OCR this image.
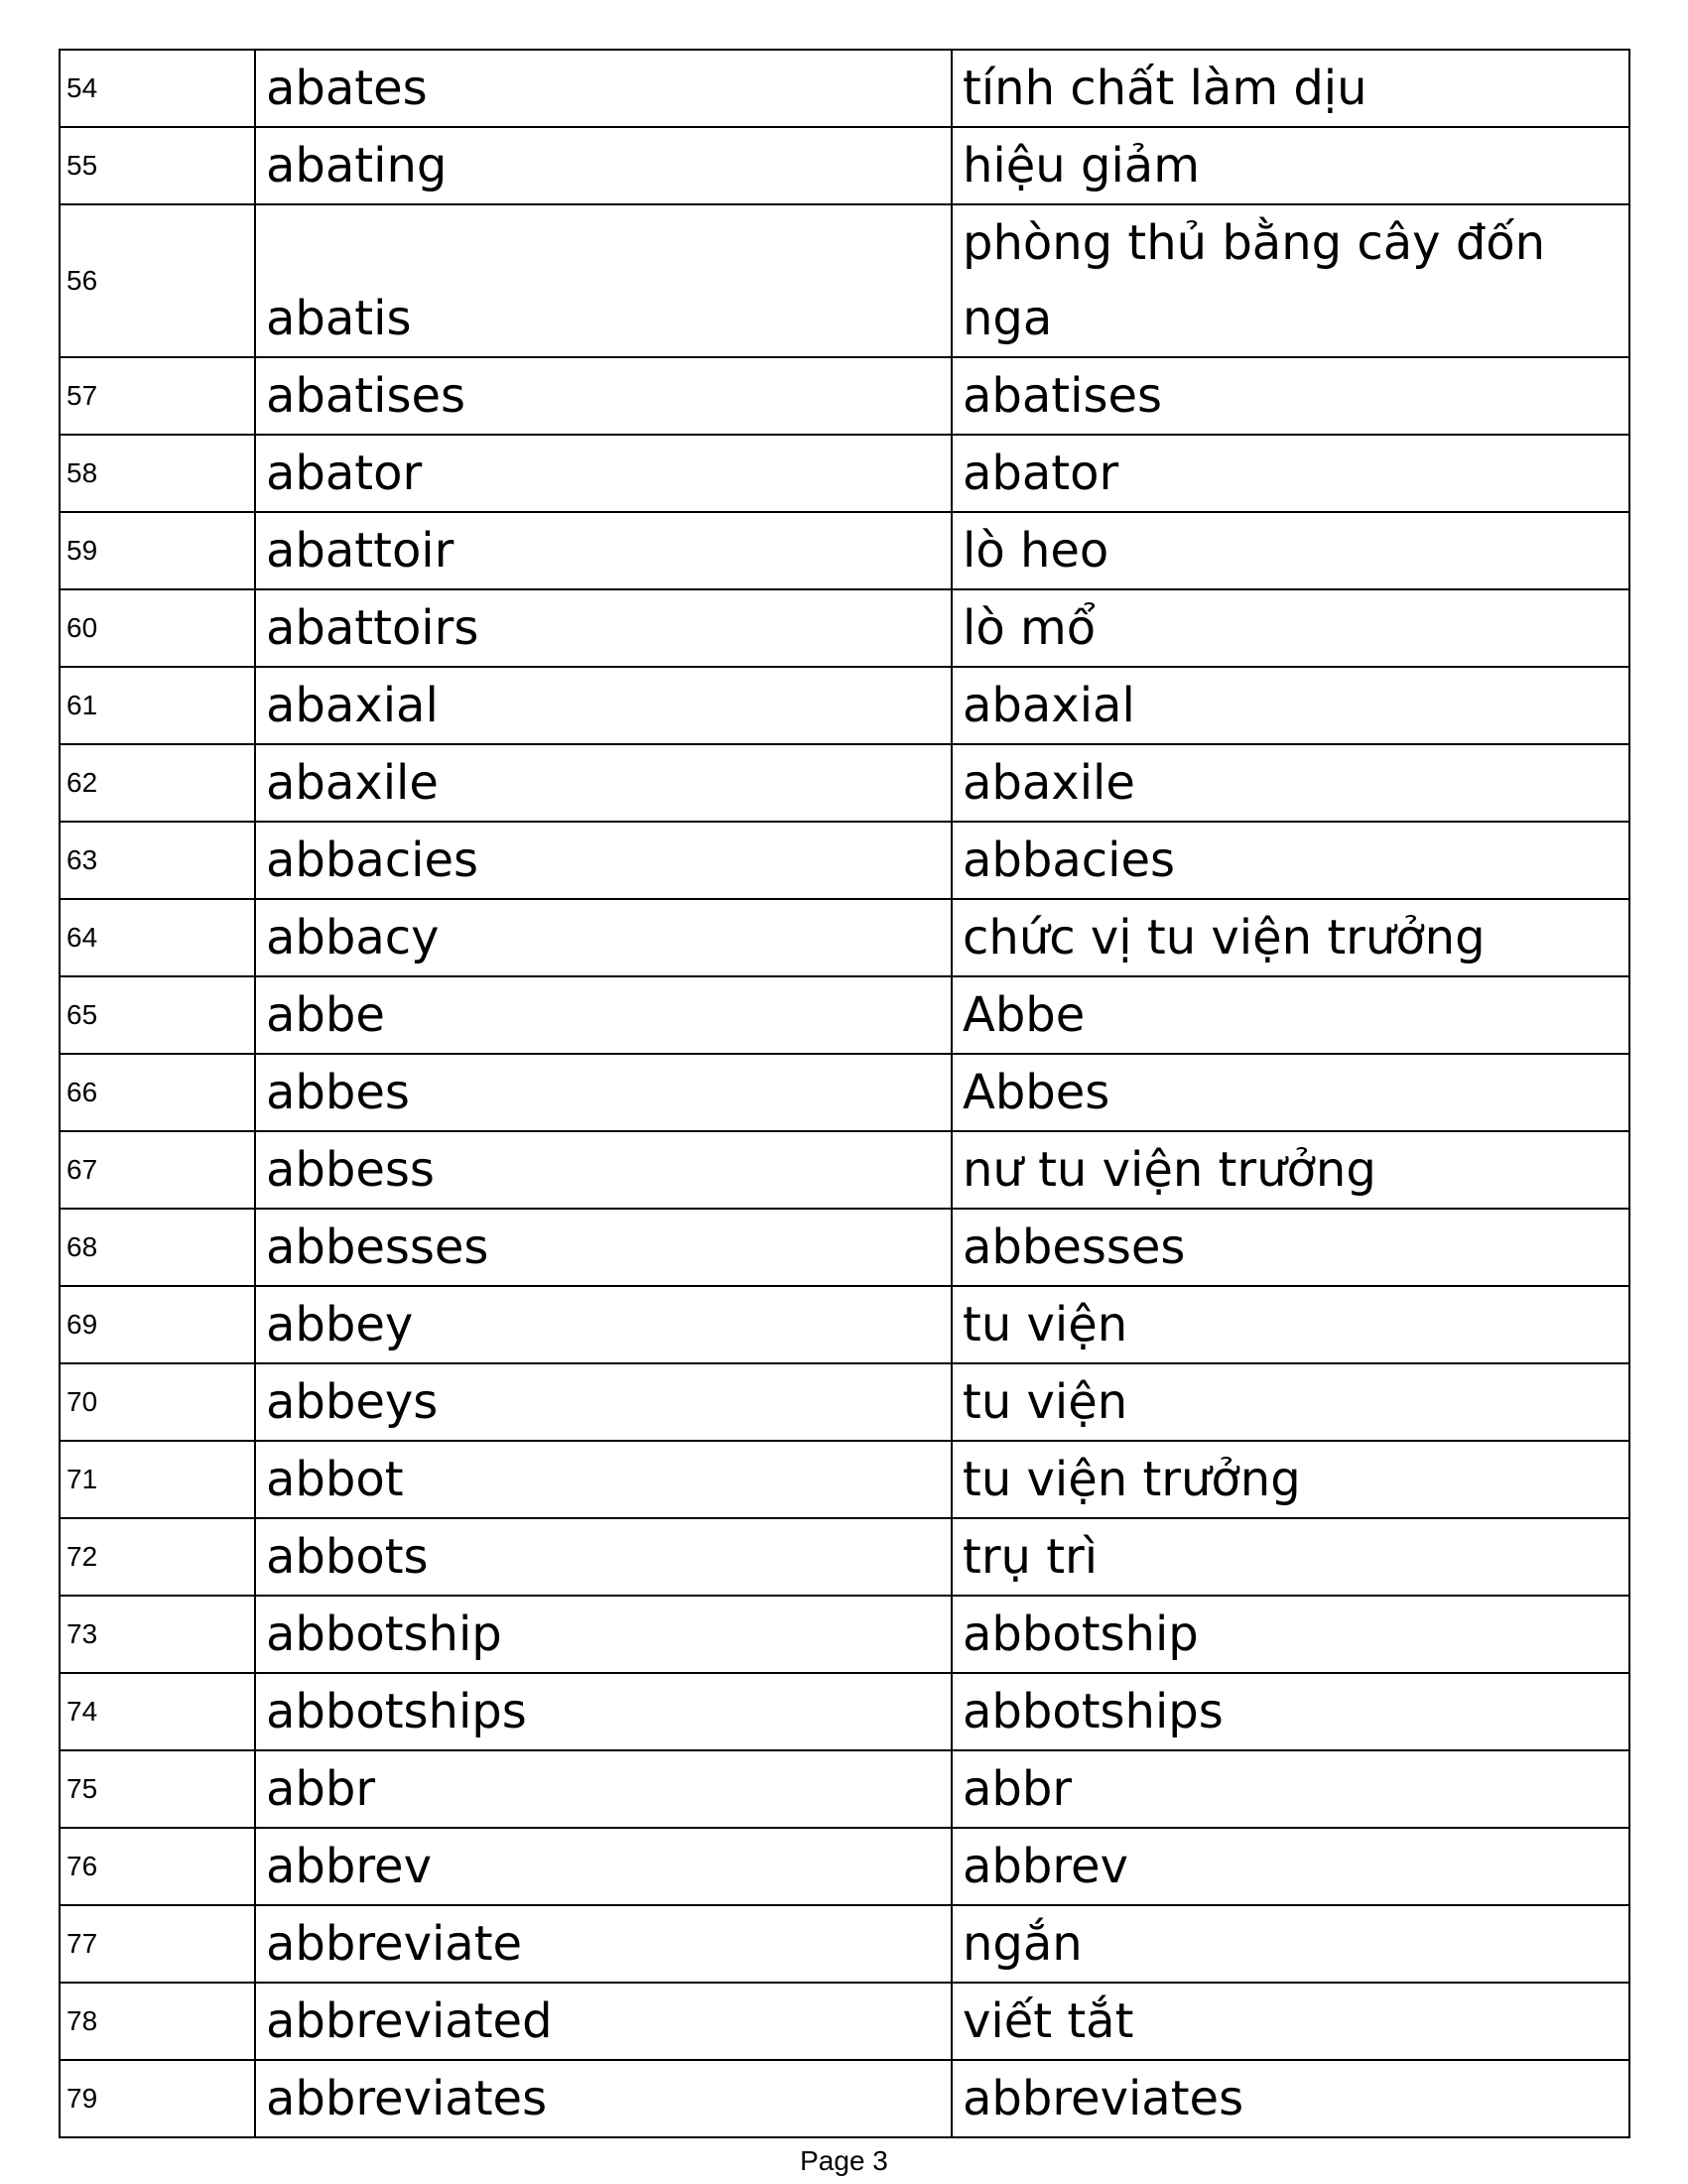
54	abates	tính chất làm dịu
55	abating	hiệu giảm
56	abatis	phòng thủ bằng cây đốn nga
57	abatises	abatises
58	abator	abator
59	abattoir	lò heo
60	abattoirs	lò mổ
61	abaxial	abaxial
62	abaxile	abaxile
63	abbacies	abbacies
64	abbacy	chức vị tu viện trưởng
65	abbe	Abbe
66	abbes	Abbes
67	abbess	nư tu viện trưởng
68	abbesses	abbesses
69	abbey	tu viện
70	abbeys	tu viện
71	abbot	tu viện trưởng
72	abbots	trụ trì
73	abbotship	abbotship
74	abbotships	abbotships
75	abbr	abbr
76	abbrev	abbrev
77	abbreviate	ngắn
78	abbreviated	viết tắt
79	abbreviates	abbreviates
Page 3
